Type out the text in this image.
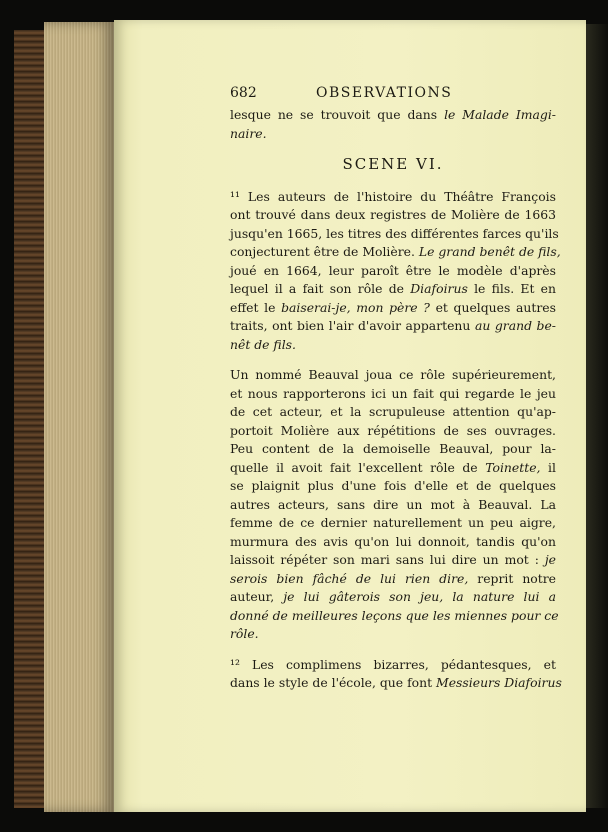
682	OBSERVATIONS
lesque ne se trouvoit que dans le Malade Imagi-
naire.
SCENE VI.
¹¹ Les auteurs de l'histoire du Théâtre François
ont trouvé dans deux registres de Molière de 1663
jusqu'en 1665, les titres des différentes farces qu'ils
conjecturent être de Molière. Le grand benêt de fils,
joué en 1664, leur paroît être le modèle d'après
lequel il a fait son rôle de Diafoirus le fils. Et en
effet le baiserai-je, mon père ? et quelques autres
traits, ont bien l'air d'avoir appartenu au grand be-
nêt de fils.
Un nommé Beauval joua ce rôle supérieurement,
et nous rapporterons ici un fait qui regarde le jeu
de cet acteur, et la scrupuleuse attention qu'ap-
portoit Molière aux répétitions de ses ouvrages.
Peu content de la demoiselle Beauval, pour la-
quelle il avoit fait l'excellent rôle de Toinette, il
se plaignit plus d'une fois d'elle et de quelques
autres acteurs, sans dire un mot à Beauval. La
femme de ce dernier naturellement un peu aigre,
murmura des avis qu'on lui donnoit, tandis qu'on
laissoit répéter son mari sans lui dire un mot : je
serois bien fâché de lui rien dire, reprit notre
auteur, je lui gâterois son jeu, la nature lui a
donné de meilleures leçons que les miennes pour ce
rôle.
¹² Les complimens bizarres, pédantesques, et
dans le style de l'école, que font Messieurs Diafoirus
